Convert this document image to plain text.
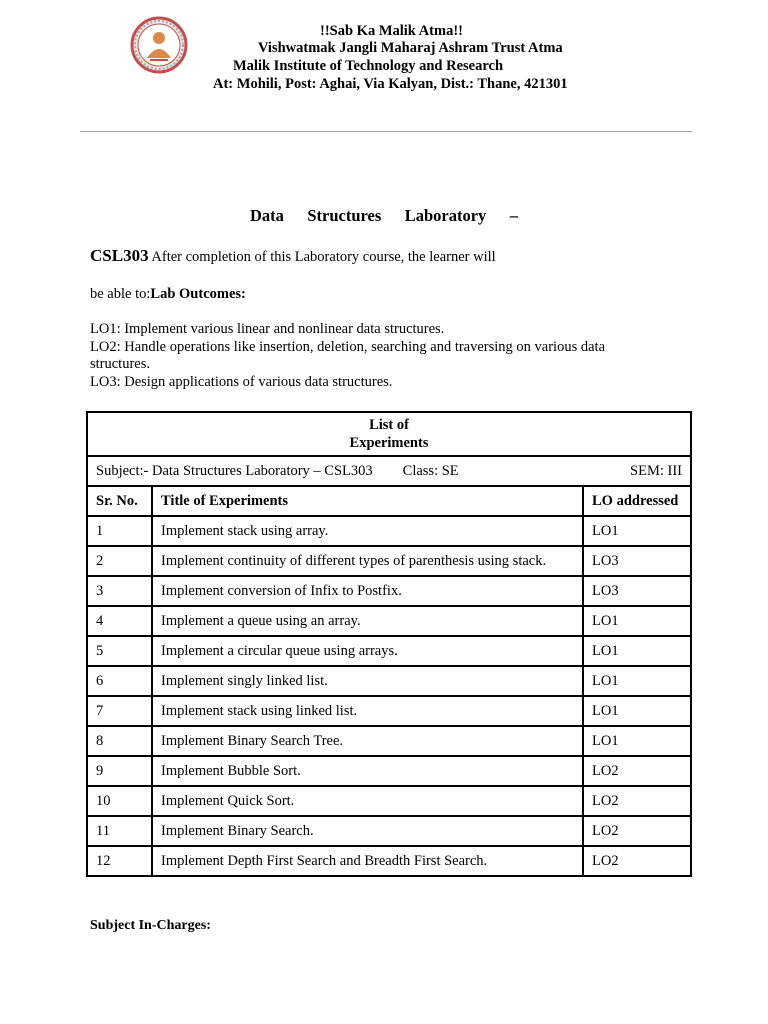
!!Sab Ka Malik Atma!!
Vishwatmak Jangli Maharaj Ashram Trust Atma
Malik Institute of Technology and Research
At: Mohili, Post: Aghai, Via Kalyan, Dist.: Thane, 421301
Data Structures Laboratory –
CSL303 After completion of this Laboratory course, the learner will
be able to:Lab Outcomes:
LO1: Implement various linear and nonlinear data structures.
LO2: Handle operations like insertion, deletion, searching and traversing on various data
structures.
LO3: Design applications of various data structures.
List of
Experiments		

Subject:- Data Structures Laboratory – CSL303 Class: SE SEM: III		

Sr. No.	Title of Experiments	LO addressed
1	Implement stack using array.	LO1
2	Implement continuity of different types of parenthesis using stack.	LO3
3	Implement conversion of Infix to Postfix.	LO3
4	Implement a queue using an array.	LO1
5	Implement a circular queue using arrays.	LO1
6	Implement singly linked list.	LO1
7	Implement stack using linked list.	LO1
8	Implement Binary Search Tree.	LO1
9	Implement Bubble Sort.	LO2
10	Implement Quick Sort.	LO2
11	Implement Binary Search.	LO2
12	Implement Depth First Search and Breadth First Search.	LO2
Subject In-Charges:
